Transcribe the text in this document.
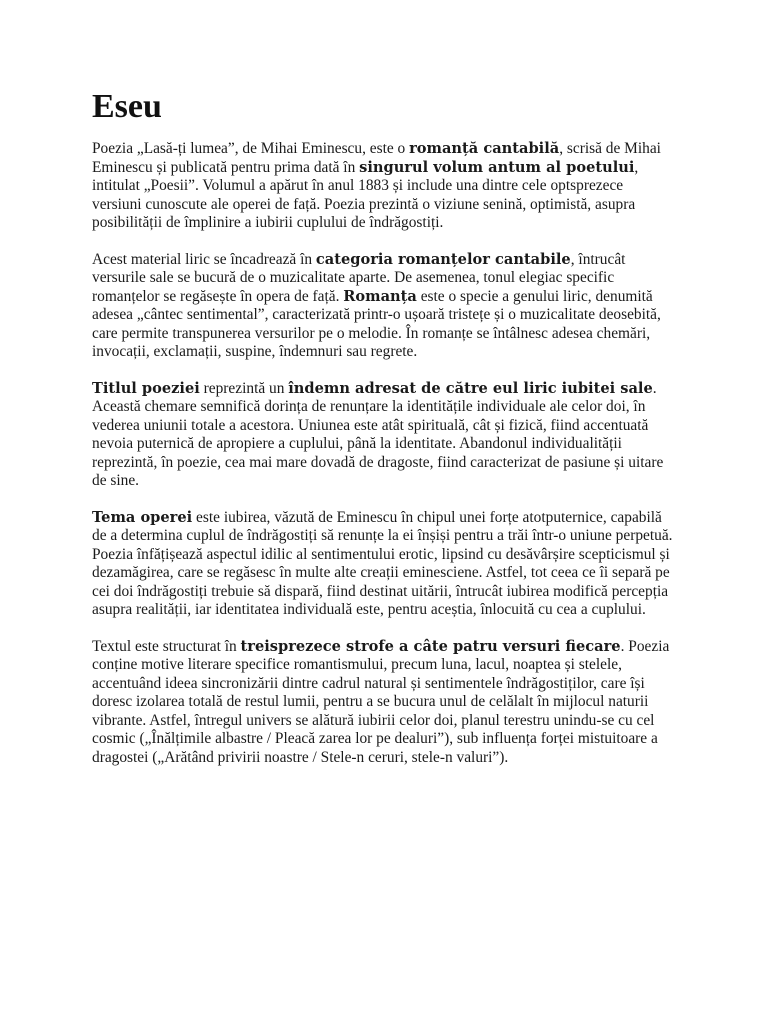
Eseu

Poezia „Lasă-ți lumea”, de Mihai Eminescu, este o romanță cantabilă, scrisă de Mihai Eminescu și publicată pentru prima dată în singurul volum antum al poetului, intitulat „Poesii”. Volumul a apărut în anul 1883 și include una dintre cele optsprezece versiuni cunoscute ale operei de față. Poezia prezintă o viziune senină, optimistă, asupra posibilității de împlinire a iubirii cuplului de îndrăgostiți.

Acest material liric se încadrează în categoria romanțelor cantabile, întrucât versurile sale se bucură de o muzicalitate aparte. De asemenea, tonul elegiac specific romanțelor se regăsește în opera de față. Romanța este o specie a genului liric, denumită adesea „cântec sentimental”, caracterizată printr-o ușoară tristețe și o muzicalitate deosebită, care permite transpunerea versurilor pe o melodie. În romanțe se întâlnesc adesea chemări, invocații, exclamații, suspine, îndemnuri sau regrete.

Titlul poeziei reprezintă un îndemn adresat de către eul liric iubitei sale. Această chemare semnifică dorința de renunțare la identitățile individuale ale celor doi, în vederea uniunii totale a acestora. Uniunea este atât spirituală, cât și fizică, fiind accentuată nevoia puternică de apropiere a cuplului, până la identitate. Abandonul individualității reprezintă, în poezie, cea mai mare dovadă de dragoste, fiind caracterizat de pasiune și uitare de sine.

Tema operei este iubirea, văzută de Eminescu în chipul unei forțe atotputernice, capabilă de a determina cuplul de îndrăgostiți să renunțe la ei înșiși pentru a trăi într-o uniune perpetuă. Poezia înfățișează aspectul idilic al sentimentului erotic, lipsind cu desăvârșire scepticismul și dezamăgirea, care se regăsesc în multe alte creații eminesciene. Astfel, tot ceea ce îi separă pe cei doi îndrăgostiți trebuie să dispară, fiind destinat uitării, întrucât iubirea modifică percepția asupra realității, iar identitatea individuală este, pentru aceștia, înlocuită cu cea a cuplului.

Textul este structurat în treisprezece strofe a câte patru versuri fiecare. Poezia conține motive literare specifice romantismului, precum luna, lacul, noaptea și stelele, accentuând ideea sincronizării dintre cadrul natural și sentimentele îndrăgostiților, care își doresc izolarea totală de restul lumii, pentru a se bucura unul de celălalt în mijlocul naturii vibrante. Astfel, întregul univers se alătură iubirii celor doi, planul terestru unindu-se cu cel cosmic („Înălțimile albastre / Pleacă zarea lor pe dealuri”), sub influența forței mistuitoare a dragostei („Arătând privirii noastre / Stele-n ceruri, stele-n valuri”).
